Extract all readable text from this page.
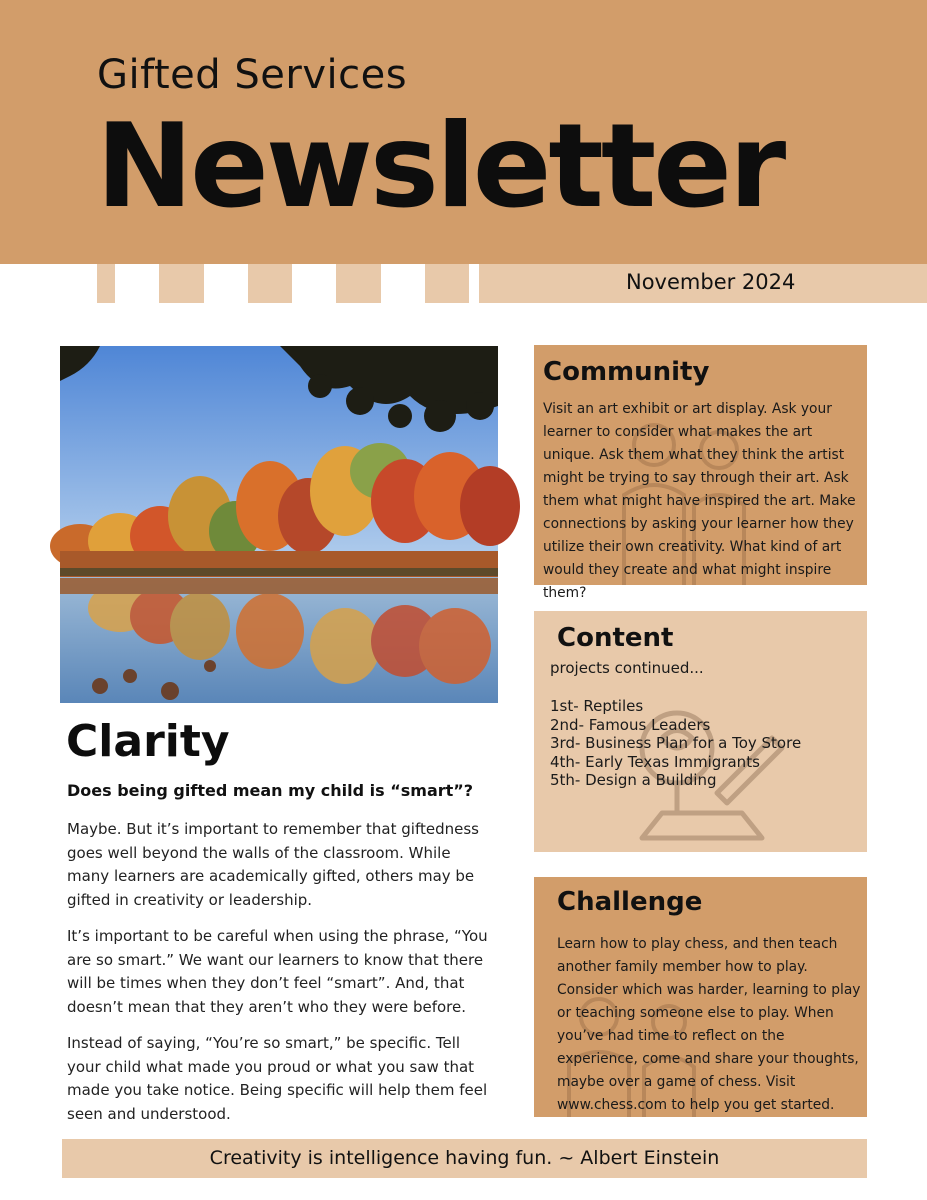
Gifted Services
Newsletter
November 2024
Clarity
Does being gifted mean my child is “smart”?

Maybe. But it’s important to remember that giftedness goes well beyond the walls of the classroom. While many learners are academically gifted, others may be gifted in creativity or leadership.

It’s important to be careful when using the phrase, “You are so smart.” We want our learners to know that there will be times when they don’t feel “smart”. And, that doesn’t mean that they aren’t who they were before.

Instead of saying, “You’re so smart,” be specific. Tell your child what made you proud or what you saw that made you take notice. Being specific will help them feel seen and understood.

Community
Visit an art exhibit or art display. Ask your learner to consider what makes the art unique. Ask them what they think the artist might be trying to say through their art. Ask them what might have inspired the art. Make connections by asking your learner how they utilize their own creativity. What kind of art would they create and what might inspire them?
Content
projects continued...
1st- Reptiles
2nd- Famous Leaders
3rd- Business Plan for a Toy Store
4th- Early Texas Immigrants
5th- Design a Building
Challenge
Learn how to play chess, and then teach another family member how to play. Consider which was harder, learning to play or teaching someone else to play. When you’ve had time to reflect on the experience, come and share your thoughts, maybe over a game of chess. Visit www.chess.com to help you get started.
Creativity is intelligence having fun. ~ Albert Einstein
